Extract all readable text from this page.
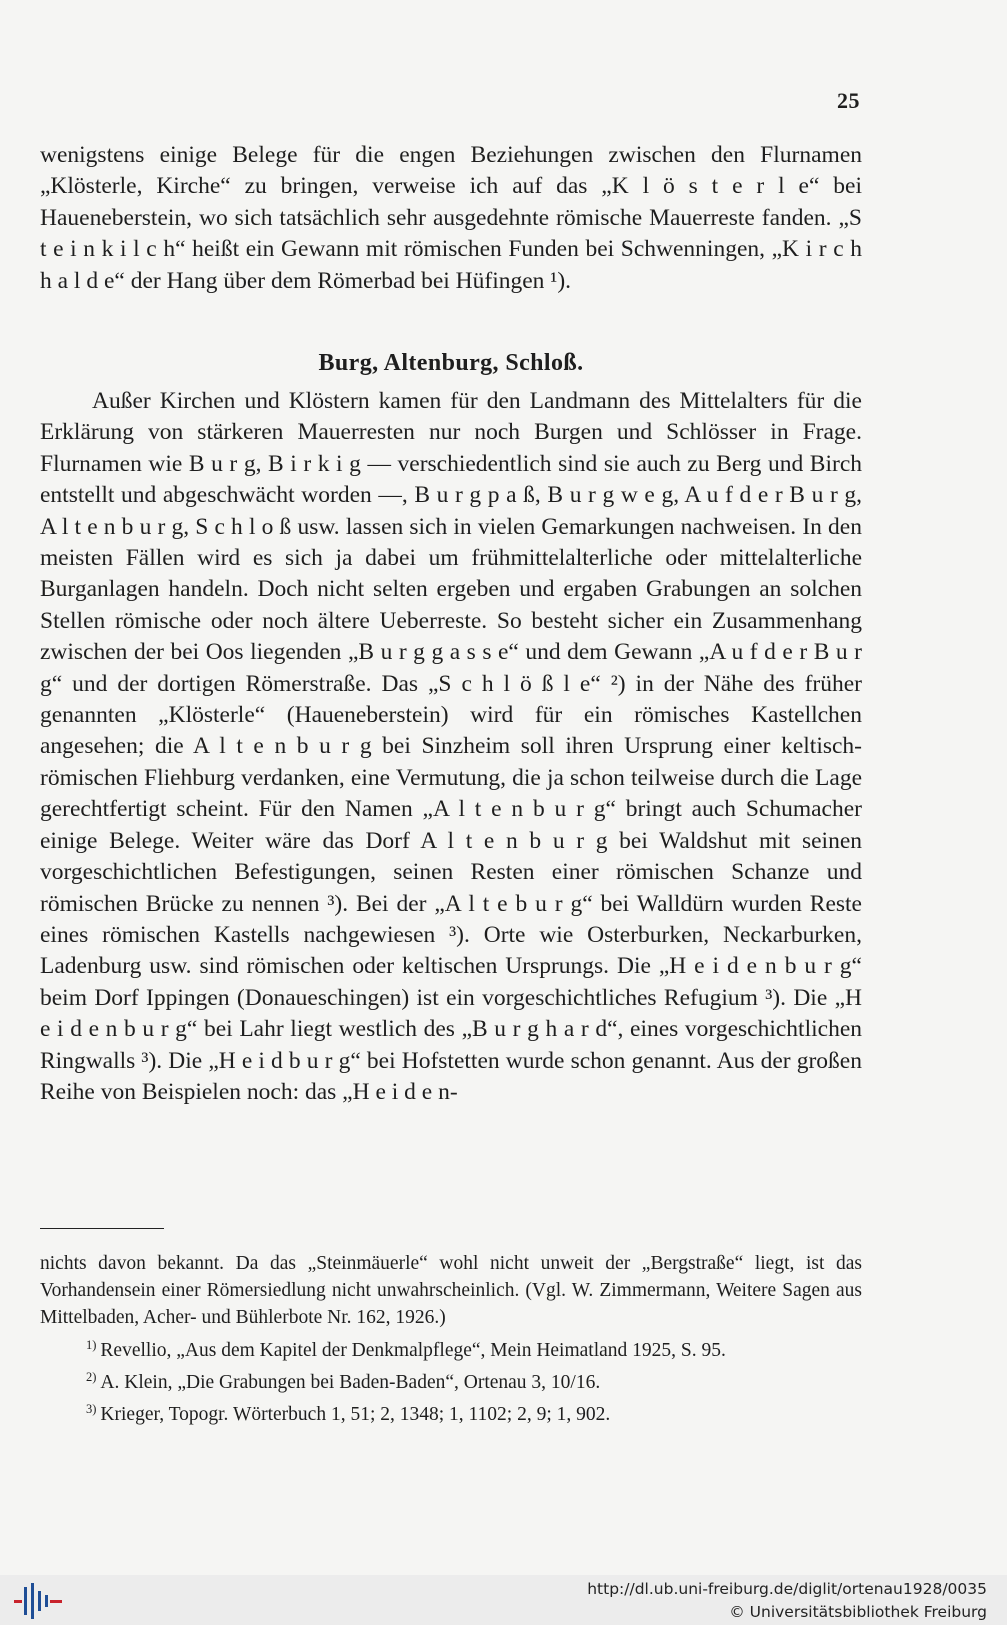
25

wenigstens einige Belege für die engen Beziehungen zwischen den Flurnamen „Klösterle, Kirche“ zu bringen, verweise ich auf das „K l ö s t e r l e“ bei Haueneberstein, wo sich tatsächlich sehr ausgedehnte römische Mauerreste fanden. „S t e i n k i l c h“ heißt ein Gewann mit römischen Funden bei Schwenningen, „K i r c h h a l d e“ der Hang über dem Römerbad bei Hüfingen ¹).

Burg, Altenburg, Schloß.

Außer Kirchen und Klöstern kamen für den Landmann des Mittelalters für die Erklärung von stärkeren Mauerresten nur noch Burgen und Schlösser in Frage. Flurnamen wie B u r g, B i r k i g — verschiedentlich sind sie auch zu Berg und Birch entstellt und abgeschwächt worden —, B u r g p a ß, B u r g w e g, A u f d e r B u r g, A l t e n b u r g, S c h l o ß usw. lassen sich in vielen Gemarkungen nachweisen. In den meisten Fällen wird es sich ja dabei um frühmittelalterliche oder mittelalterliche Burganlagen handeln. Doch nicht selten ergeben und ergaben Grabungen an solchen Stellen römische oder noch ältere Ueberreste. So besteht sicher ein Zusammenhang zwischen der bei Oos liegenden „B u r g g a s s e“ und dem Gewann „A u f d e r B u r g“ und der dortigen Römerstraße. Das „S c h l ö ß l e“ ²) in der Nähe des früher genannten „Klösterle“ (Haueneberstein) wird für ein römisches Kastellchen angesehen; die A l t e n b u r g bei Sinzheim soll ihren Ursprung einer keltisch-römischen Fliehburg verdanken, eine Vermutung, die ja schon teilweise durch die Lage gerechtfertigt scheint. Für den Namen „A l t e n b u r g“ bringt auch Schumacher einige Belege. Weiter wäre das Dorf A l t e n b u r g bei Waldshut mit seinen vorgeschichtlichen Befestigungen, seinen Resten einer römischen Schanze und römischen Brücke zu nennen ³). Bei der „A l t e b u r g“ bei Walldürn wurden Reste eines römischen Kastells nachgewiesen ³). Orte wie Osterburken, Neckarburken, Ladenburg usw. sind römischen oder keltischen Ursprungs. Die „H e i d e n b u r g“ beim Dorf Ippingen (Donaueschingen) ist ein vorgeschichtliches Refugium ³). Die „H e i d e n b u r g“ bei Lahr liegt westlich des „B u r g h a r d“, eines vorgeschichtlichen Ringwalls ³). Die „H e i d b u r g“ bei Hofstetten wurde schon genannt. Aus der großen Reihe von Beispielen noch: das „H e i d e n-

nichts davon bekannt. Da das „Steinmäuerle“ wohl nicht unweit der „Bergstraße“ liegt, ist das Vorhandensein einer Römersiedlung nicht unwahrscheinlich. (Vgl. W. Zimmermann, Weitere Sagen aus Mittelbaden, Acher- und Bühlerbote Nr. 162, 1926.)

$^{1)}$ Revellio, „Aus dem Kapitel der Denkmalpflege“, Mein Heimatland 1925, S. 95.

$^{2)}$ A. Klein, „Die Grabungen bei Baden-Baden“, Ortenau 3, 10/16.

$^{3)}$ Krieger, Topogr. Wörterbuch 1, 51; 2, 1348; 1, 1102; 2, 9; 1, 902.

http://dl.ub.uni-freiburg.de/diglit/ortenau1928/0035
© Universitätsbibliothek Freiburg
